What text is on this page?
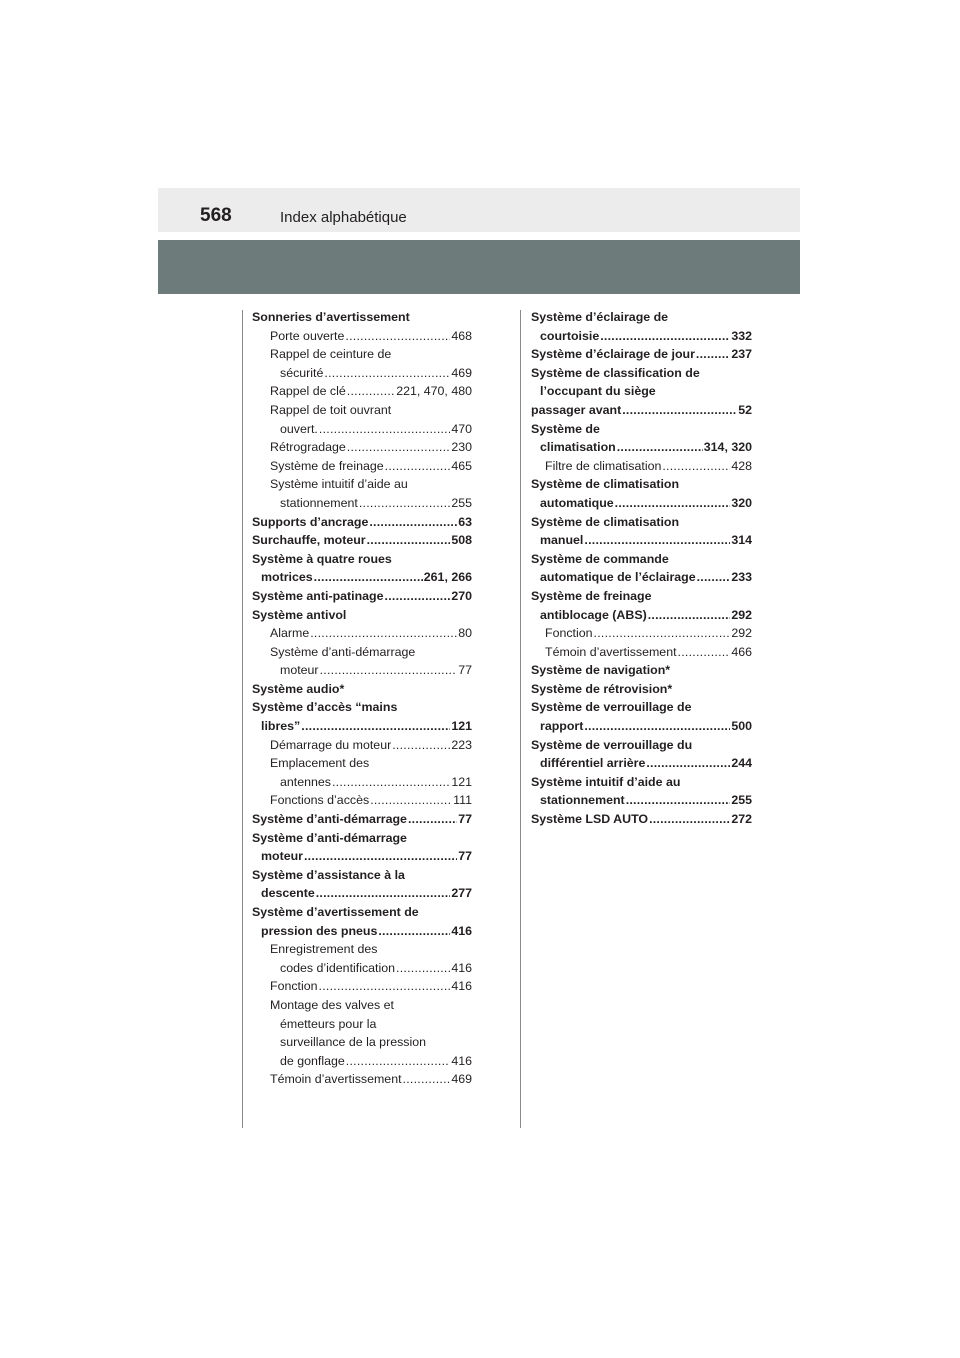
568	Index alphabétique
Sonneries d’avertissement
Porte ouverte . . .	468
Rappel de ceinture de
sécurité . . .	469
Rappel de clé . . .	221, 470, 480
Rappel de toit ouvrant
ouvert. . . .	470
Rétrogradage . . .	230
Système de freinage . . .	465
Système intuitif d’aide au
stationnement . . .	255
Supports d’ancrage . . .	63
Surchauffe, moteur . . .	508
Système à quatre roues
motrices . . .	261, 266
Système anti-patinage . . .	270
Système antivol
Alarme . . .	80
Système d’anti-démarrage
moteur . . .	77
Système audio*
Système d’accès “mains
libres” . . .	121
Démarrage du moteur . . .	223
Emplacement des
antennes . . .	121
Fonctions d’accès . . .	111
Système d’anti-démarrage . . .	77
Système d’anti-démarrage
moteur . . .	77
Système d’assistance à la
descente . . .	277
Système d’avertissement de
pression des pneus . . .	416
Enregistrement des
codes d’identification . . .	416
Fonction . . .	416
Montage des valves et
émetteurs pour la
surveillance de la pression
de gonflage . . .	416
Témoin d’avertissement . . .	469
Système d’éclairage de
courtoisie . . .	332
Système d’éclairage de jour . . .	237
Système de classification de
l’occupant du siège
passager avant . . .	52
Système de
climatisation . . .	314, 320
Filtre de climatisation . . .	428
Système de climatisation
automatique . . .	320
Système de climatisation
manuel . . .	314
Système de commande
automatique de l’éclairage . . .	233
Système de freinage
antiblocage (ABS) . . .	292
Fonction . . .	292
Témoin d’avertissement . . .	466
Système de navigation*
Système de rétrovision*
Système de verrouillage de
rapport . . .	500
Système de verrouillage du
différentiel arrière . . .	244
Système intuitif d’aide au
stationnement . . .	255
Système LSD AUTO . . .	272
